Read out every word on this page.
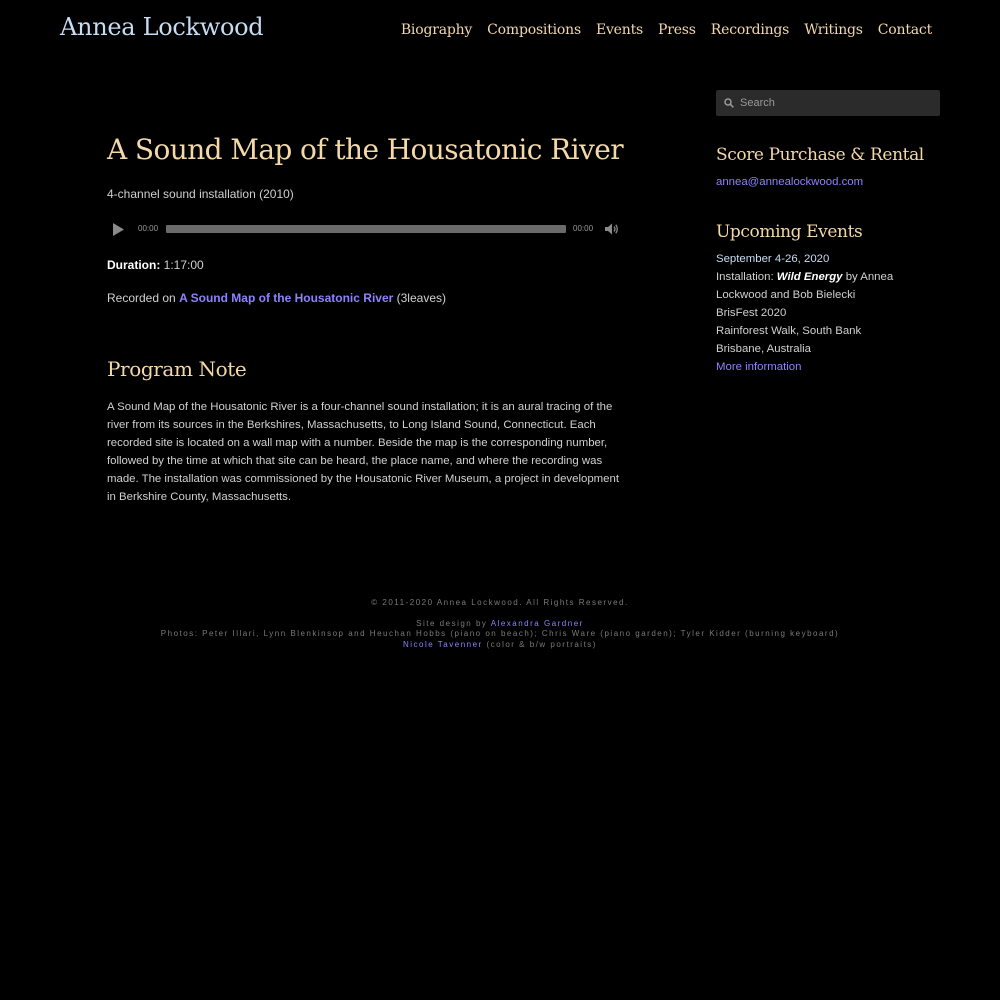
Annea Lockwood	Biography Compositions Events Press Recordings Writings Contact
A Sound Map of the Housatonic River

4-channel sound installation (2010)

00:00	00:00

Duration: 1:17:00

Recorded on A Sound Map of the Housatonic River (3leaves)

Program Note

A Sound Map of the Housatonic River is a four-channel sound installation; it is an aural tracing of the river from its sources in the Berkshires, Massachusetts, to Long Island Sound, Connecticut. Each recorded site is located on a wall map with a number. Beside the map is the corresponding number, followed by the time at which that site can be heard, the place name, and where the recording was made. The installation was commissioned by the Housatonic River Museum, a project in development in Berkshire County, Massachusetts.

Search
Score Purchase & Rental
annea@annealockwood.com
Upcoming Events
September 4-26, 2020
Installation: Wild Energy by Annea Lockwood and Bob Bielecki
BrisFest 2020
Rainforest Walk, South Bank
Brisbane, Australia
More information
© 2011-2020 Annea Lockwood. All Rights Reserved.
Site design by Alexandra Gardner
Photos: Peter Illari, Lynn Blenkinsop and Heuchan Hobbs (piano on beach); Chris Ware (piano garden); Tyler Kidder (burning keyboard)
Nicole Tavenner (color & b/w portraits)
